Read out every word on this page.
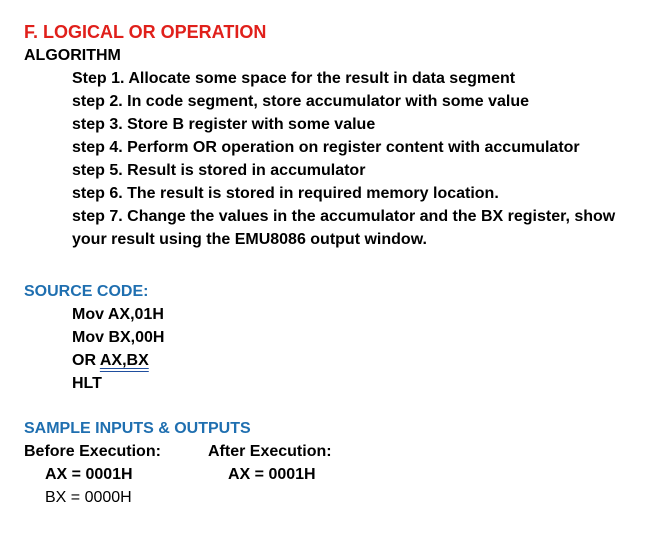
F. LOGICAL OR OPERATION
ALGORITHM
Step 1. Allocate some space for the result in data segment
step 2. In code segment, store accumulator with some value
step 3. Store B register with some value
step 4. Perform OR operation on register content with accumulator
step 5. Result is stored in accumulator
step 6. The result is stored in required memory location.
step 7. Change the values in the accumulator and the BX register, show your result using the EMU8086 output window.
SOURCE CODE:
Mov AX,01H
Mov BX,00H
OR AX,BX
HLT
SAMPLE INPUTS & OUTPUTS
Before Execution:
AX = 0001H
BX = 0000H
After Execution:
AX = 0001H
